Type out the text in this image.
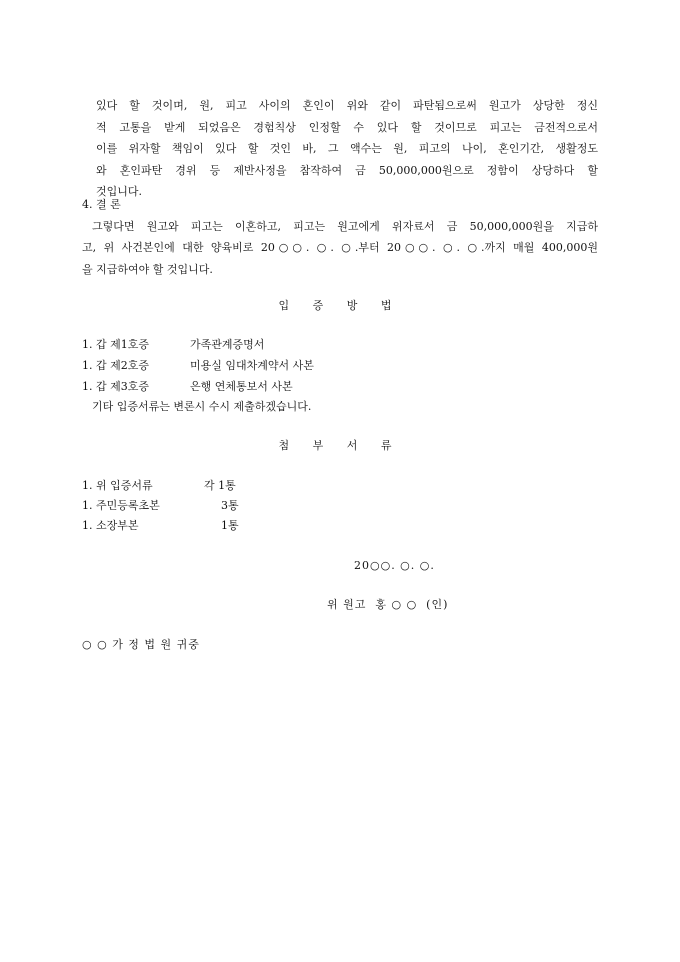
있다 할 것이며, 원, 피고 사이의 혼인이 위와 같이 파탄됨으로써 원고가 상당한 정신
적 고통을 받게 되었음은 경험칙상 인정할 수 있다 할 것이므로 피고는 금전적으로서
이를 위자할 책임이 있다 할 것인 바, 그 액수는 원, 피고의 나이, 혼인기간, 생활정도
와 혼인파탄 경위 등 제반사정을 참작하여 금 50,000,000원으로 정함이 상당하다 할
것입니다.
4. 결 론
그렇다면 원고와 피고는 이혼하고, 피고는 원고에게 위자료서 금 50,000,000원을 지급하
고, 위 사건본인에 대한 양육비로 20○○. ○. ○.부터 20○○. ○. ○.까지 매월 400,000원
을 지급하여야 할 것입니다.
입 증 방 법
1. 갑 제1호증	가족관계증명서
1. 갑 제2호증	미용실 임대차계약서 사본
1. 갑 제3호증	은행 연체통보서 사본
기타 입증서류는 변론시 수시 제출하겠습니다.
첨 부 서 류
1. 위 입증서류	각 1통
1. 주민등록초본	3통
1. 소장부본	1통
20○○. ○. ○.
위 원고  홍 ○ ○  (인)
○ ○ 가 정 법 원 귀중
